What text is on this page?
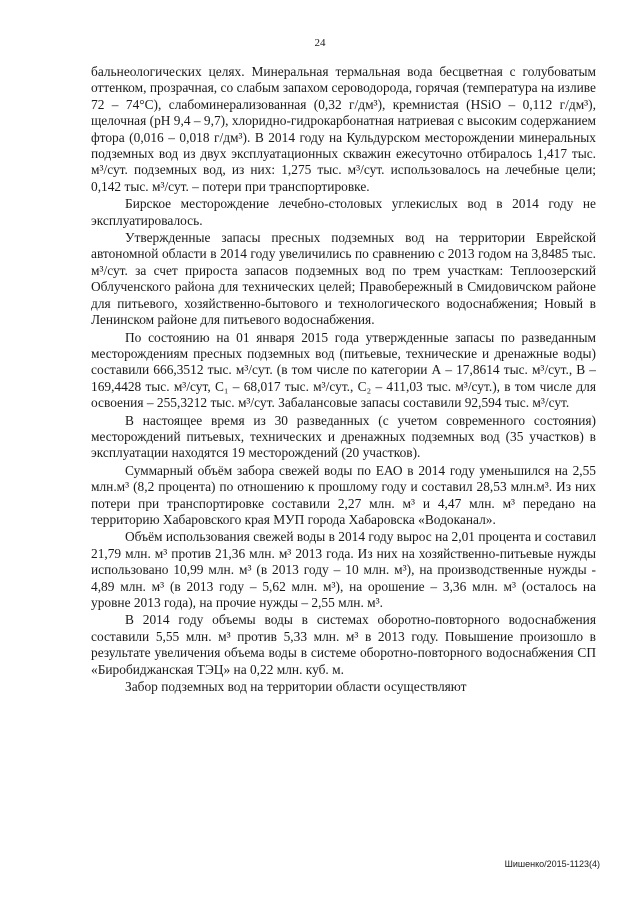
24

бальнеологических целях. Минеральная термальная вода бесцветная с голубоватым оттенком, прозрачная, со слабым запахом сероводорода, горячая (температура на изливе 72 – 74°С), слабоминерализованная (0,32 г/дм³), кремнистая (HSiO – 0,112 г/дм³), щелочная (рН 9,4 – 9,7), хлоридно-гидрокарбонатная натриевая с высоким содержанием фтора (0,016 – 0,018 г/дм³). В 2014 году на Кульдурском месторождении минеральных подземных вод из двух эксплуатационных скважин ежесуточно отбиралось 1,417 тыс. м³/сут. подземных вод, из них: 1,275 тыс. м³/сут. использовалось на лечебные цели; 0,142 тыс. м³/сут. – потери при транспортировке.

Бирское месторождение лечебно-столовых углекислых вод в 2014 году не эксплуатировалось.

Утвержденные запасы пресных подземных вод на территории Еврейской автономной области в 2014 году увеличились по сравнению с 2013 годом на 3,8485 тыс. м³/сут. за счет прироста запасов подземных вод по трем участкам: Теплоозерский Облученского района для технических целей; Правобережный в Смидовичском районе для питьевого, хозяйственно-бытового и технологического водоснабжения; Новый в Ленинском районе для питьевого водоснабжения.

По состоянию на 01 января 2015 года утвержденные запасы по разведанным месторождениям пресных подземных вод (питьевые, технические и дренажные воды) составили 666,3512 тыс. м³/сут. (в том числе по категории А – 17,8614 тыс. м³/сут., В – 169,4428 тыс. м³/сут, С₁ – 68,017 тыс. м³/сут., С₂ – 411,03 тыс. м³/сут.), в том числе для освоения – 255,3212 тыс. м³/сут. Забалансовые запасы составили 92,594 тыс. м³/сут.

В настоящее время из 30 разведанных (с учетом современного состояния) месторождений питьевых, технических и дренажных подземных вод (35 участков) в эксплуатации находятся 19 месторождений (20 участков).

Суммарный объём забора свежей воды по ЕАО в 2014 году уменьшился на 2,55 млн.м³ (8,2 процента) по отношению к прошлому году и составил 28,53 млн.м³. Из них потери при транспортировке составили 2,27 млн. м³ и 4,47 млн. м³ передано на территорию Хабаровского края МУП города Хабаровска «Водоканал».

Объём использования свежей воды в 2014 году вырос на 2,01 процента и составил 21,79 млн. м³ против 21,36 млн. м³ 2013 года. Из них на хозяйственно-питьевые нужды использовано 10,99 млн. м³ (в 2013 году – 10 млн. м³), на производственные нужды - 4,89 млн. м³ (в 2013 году – 5,62 млн. м³), на орошение – 3,36 млн. м³ (осталось на уровне 2013 года), на прочие нужды – 2,55 млн. м³.

В 2014 году объемы воды в системах оборотно-повторного водоснабжения составили 5,55 млн. м³ против 5,33 млн. м³ в 2013 году. Повышение произошло в результате увеличения объема воды в системе оборотно-повторного водоснабжения СП «Биробиджанская ТЭЦ» на 0,22 млн. куб. м.

Забор подземных вод на территории области осуществляют

Шишенко/2015-1123(4)
